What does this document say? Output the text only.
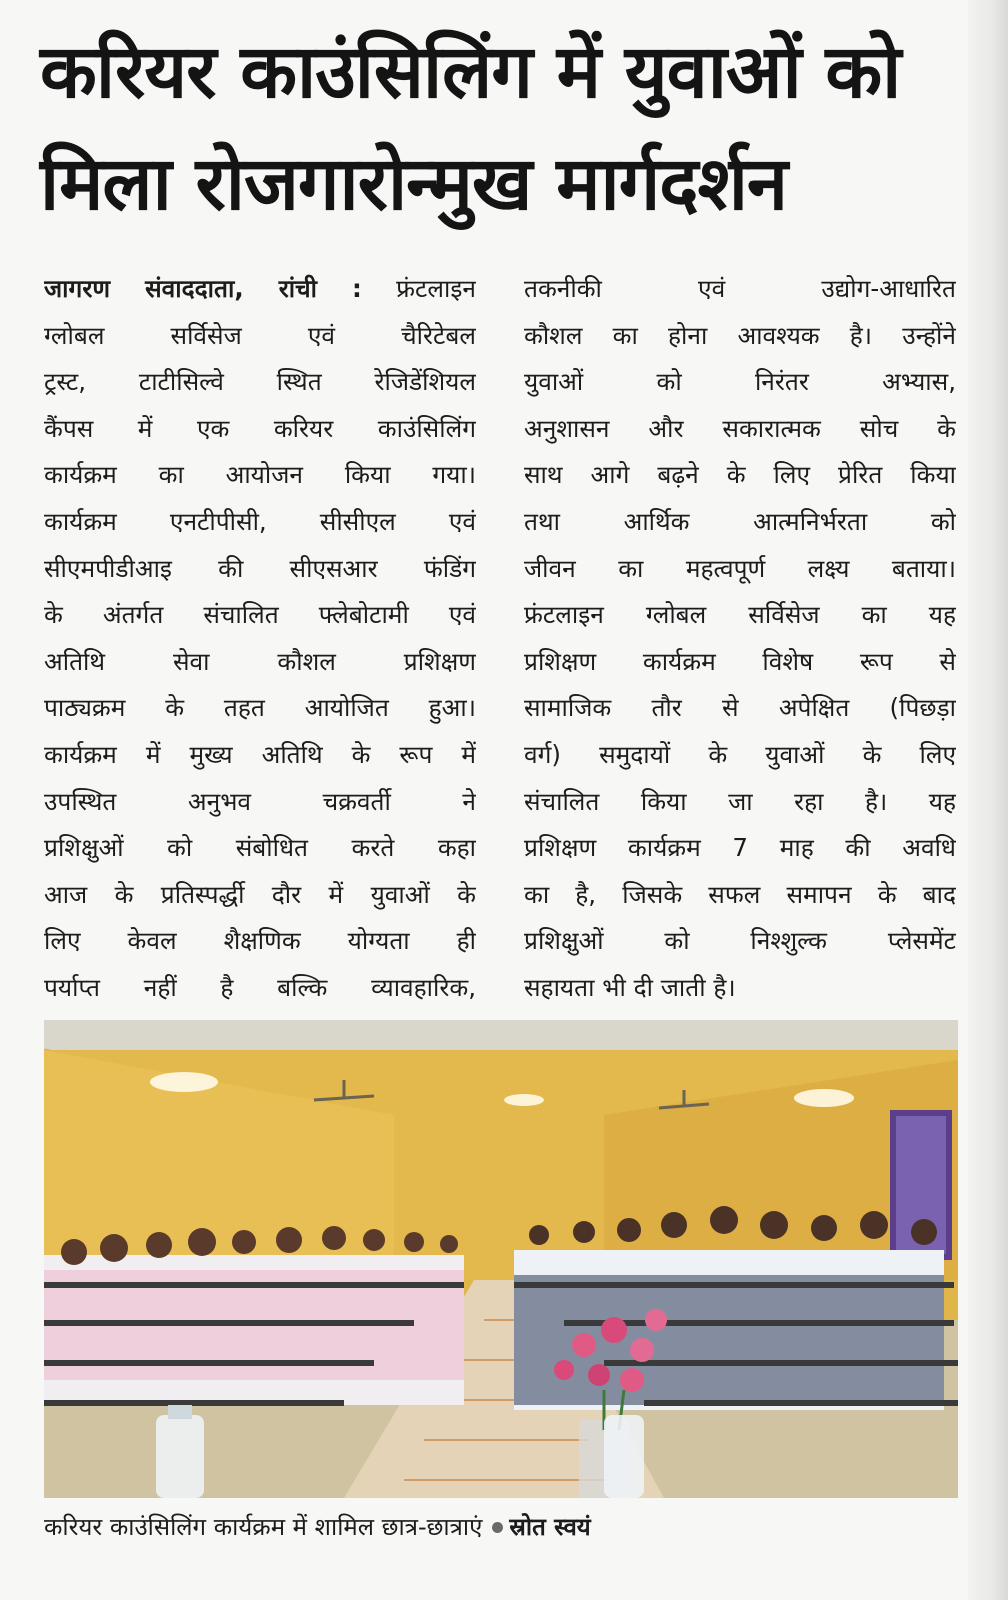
करियर काउंसिलिंग में युवाओं को
मिला रोजगारोन्मुख मार्गदर्शन
जागरण संवाददाता, रांची : फ्रंटलाइन
ग्लोबल सर्विसेज एवं चैरिटेबल
ट्रस्ट, टाटीसिल्वे स्थित रेजिडेंशियल
कैंपस में एक करियर काउंसिलिंग
कार्यक्रम का आयोजन किया गया।
कार्यक्रम एनटीपीसी, सीसीएल एवं
सीएमपीडीआइ की सीएसआर फंडिंग
के अंतर्गत संचालित फ्लेबोटामी एवं
अतिथि सेवा कौशल प्रशिक्षण
पाठ्यक्रम के तहत आयोजित हुआ।
कार्यक्रम में मुख्य अतिथि के रूप में
उपस्थित अनुभव चक्रवर्ती ने
प्रशिक्षुओं को संबोधित करते कहा
आज के प्रतिस्पर्द्धी दौर में युवाओं के
लिए केवल शैक्षणिक योग्यता ही
पर्याप्त नहीं है बल्कि व्यावहारिक,
तकनीकी एवं उद्योग-आधारित
कौशल का होना आवश्यक है। उन्होंने
युवाओं को निरंतर अभ्यास,
अनुशासन और सकारात्मक सोच के
साथ आगे बढ़ने के लिए प्रेरित किया
तथा आर्थिक आत्मनिर्भरता को
जीवन का महत्वपूर्ण लक्ष्य बताया।
फ्रंटलाइन ग्लोबल सर्विसेज का यह
प्रशिक्षण कार्यक्रम विशेष रूप से
सामाजिक तौर से अपेक्षित (पिछड़ा
वर्ग) समुदायों के युवाओं के लिए
संचालित किया जा रहा है। यह
प्रशिक्षण कार्यक्रम 7 माह की अवधि
का है, जिसके सफल समापन के बाद
प्रशिक्षुओं को निश्शुल्क प्लेसमेंट
सहायता भी दी जाती है।
करियर काउंसिलिंग कार्यक्रम में शामिल छात्र-छात्राएं स्रोत स्वयं
